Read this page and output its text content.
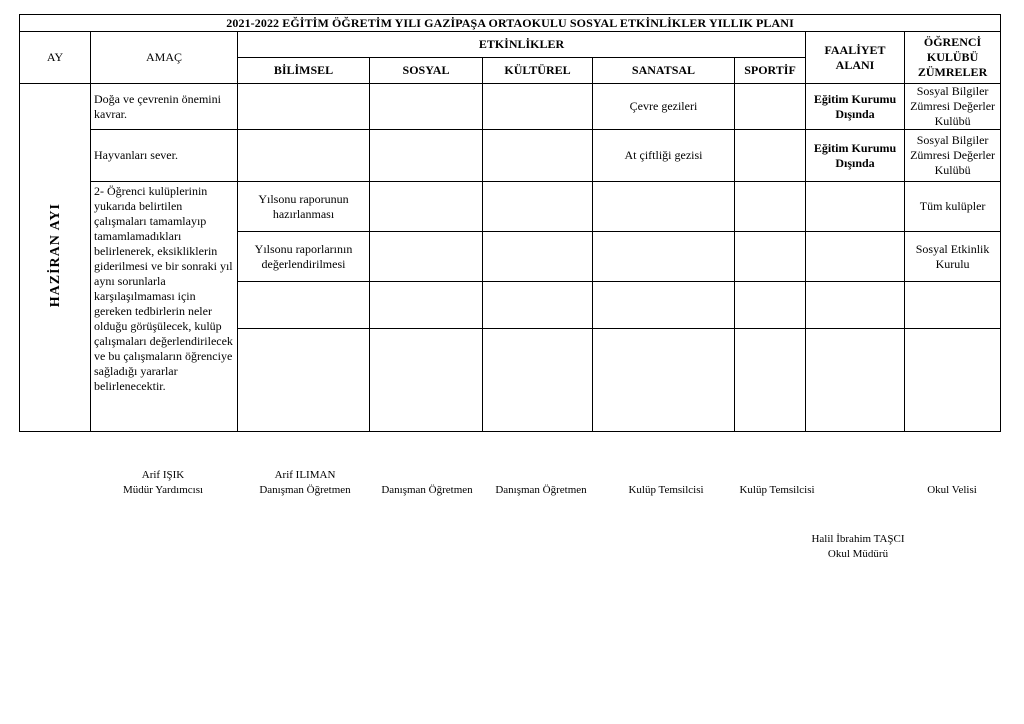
2021-2022 EĞİTİM ÖĞRETİM YILI GAZİPAŞA ORTAOKULU SOSYAL ETKİNLİKLER YILLIK PLANI								
AY	AMAÇ	ETKİNLİKLER					FAALİYET ALANI	ÖĞRENCİ KULÜBÜ ZÜMRELER
		BİLİMSEL	SOSYAL	KÜLTÜREL	SANATSAL	SPORTİF		
HAZİRAN AYI	Doğa ve çevrenin önemini kavrar.				Çevre gezileri		Eğitim Kurumu Dışında	Sosyal Bilgiler Zümresi Değerler Kulübü
	Hayvanları sever.				At çiftliği gezisi		Eğitim Kurumu Dışında	Sosyal Bilgiler Zümresi Değerler Kulübü
	2- Öğrenci kulüplerinin yukarıda belirtilen çalışmaları tamamlayıp tamamlamadıkları belirlenerek, eksikliklerin giderilmesi ve bir sonraki yıl aynı sorunlarla karşılaşılmaması için gereken tedbirlerin neler olduğu görüşülecek, kulüp çalışmaları değerlendirilecek ve bu çalışmaların öğrenciye sağladığı yararlar belirlenecektir.	Yılsonu raporunun hazırlanması						Tüm kulüpler
		Yılsonu raporlarının değerlendirilmesi						Sosyal Etkinlik Kurulu

Arif IŞIK
Müdür Yardımcısı
Arif ILIMAN
Danışman Öğretmen	Danışman Öğretmen	Danışman Öğretmen	Kulüp Temsilcisi	Kulüp Temsilcisi	Okul Velisi
Halil İbrahim TAŞCI
Okul Müdürü
